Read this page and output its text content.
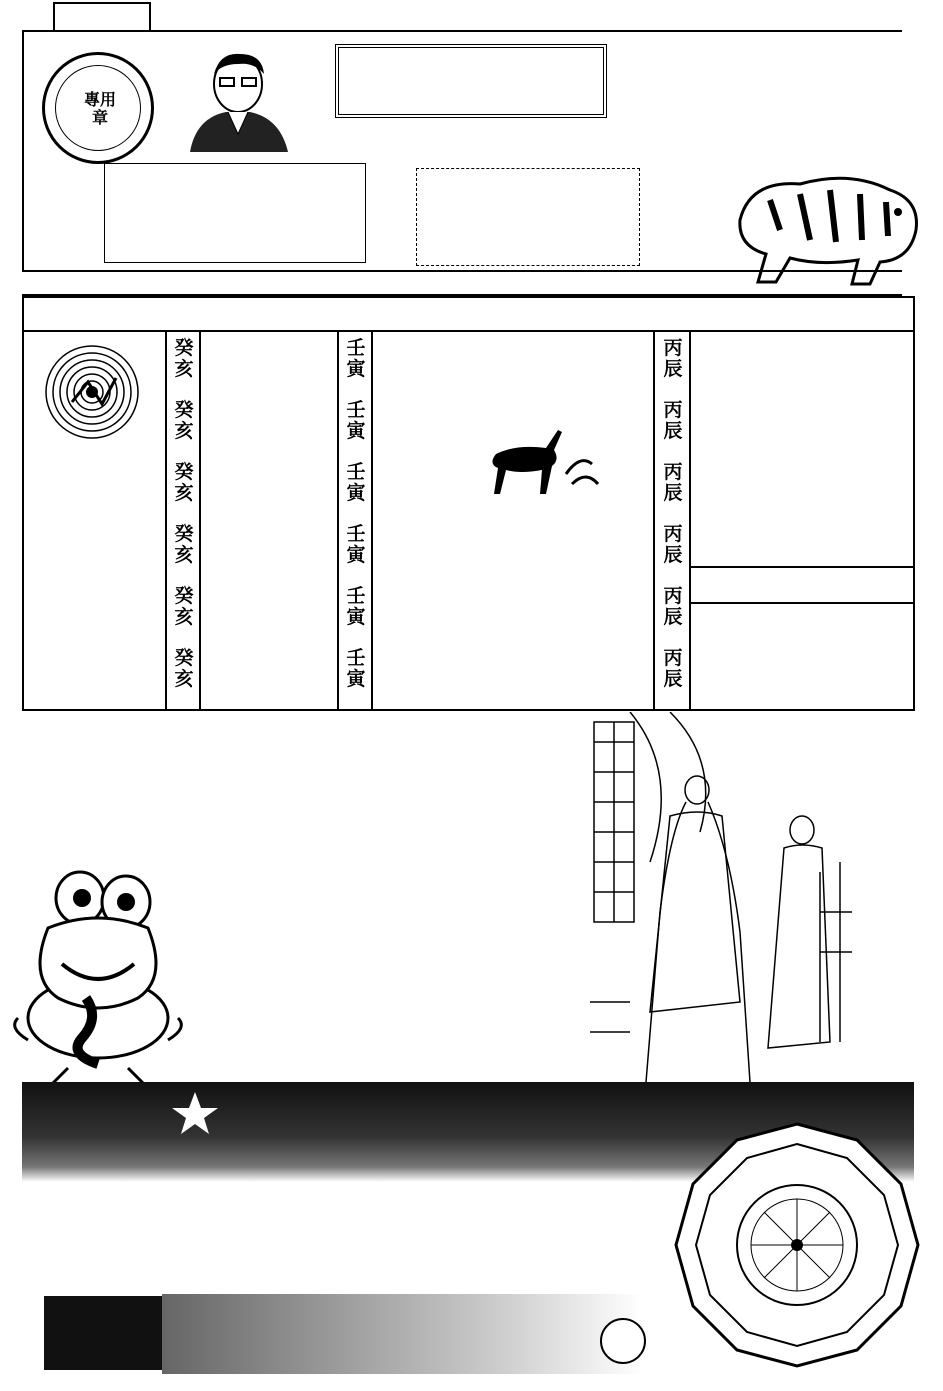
專用
章
癸
亥
癸
亥
癸
亥
癸
亥
癸
亥
癸
亥
壬
寅
壬
寅
壬
寅
壬
寅
壬
寅
壬
寅
丙
辰
丙
辰
丙
辰
丙
辰
丙
辰
丙
辰
